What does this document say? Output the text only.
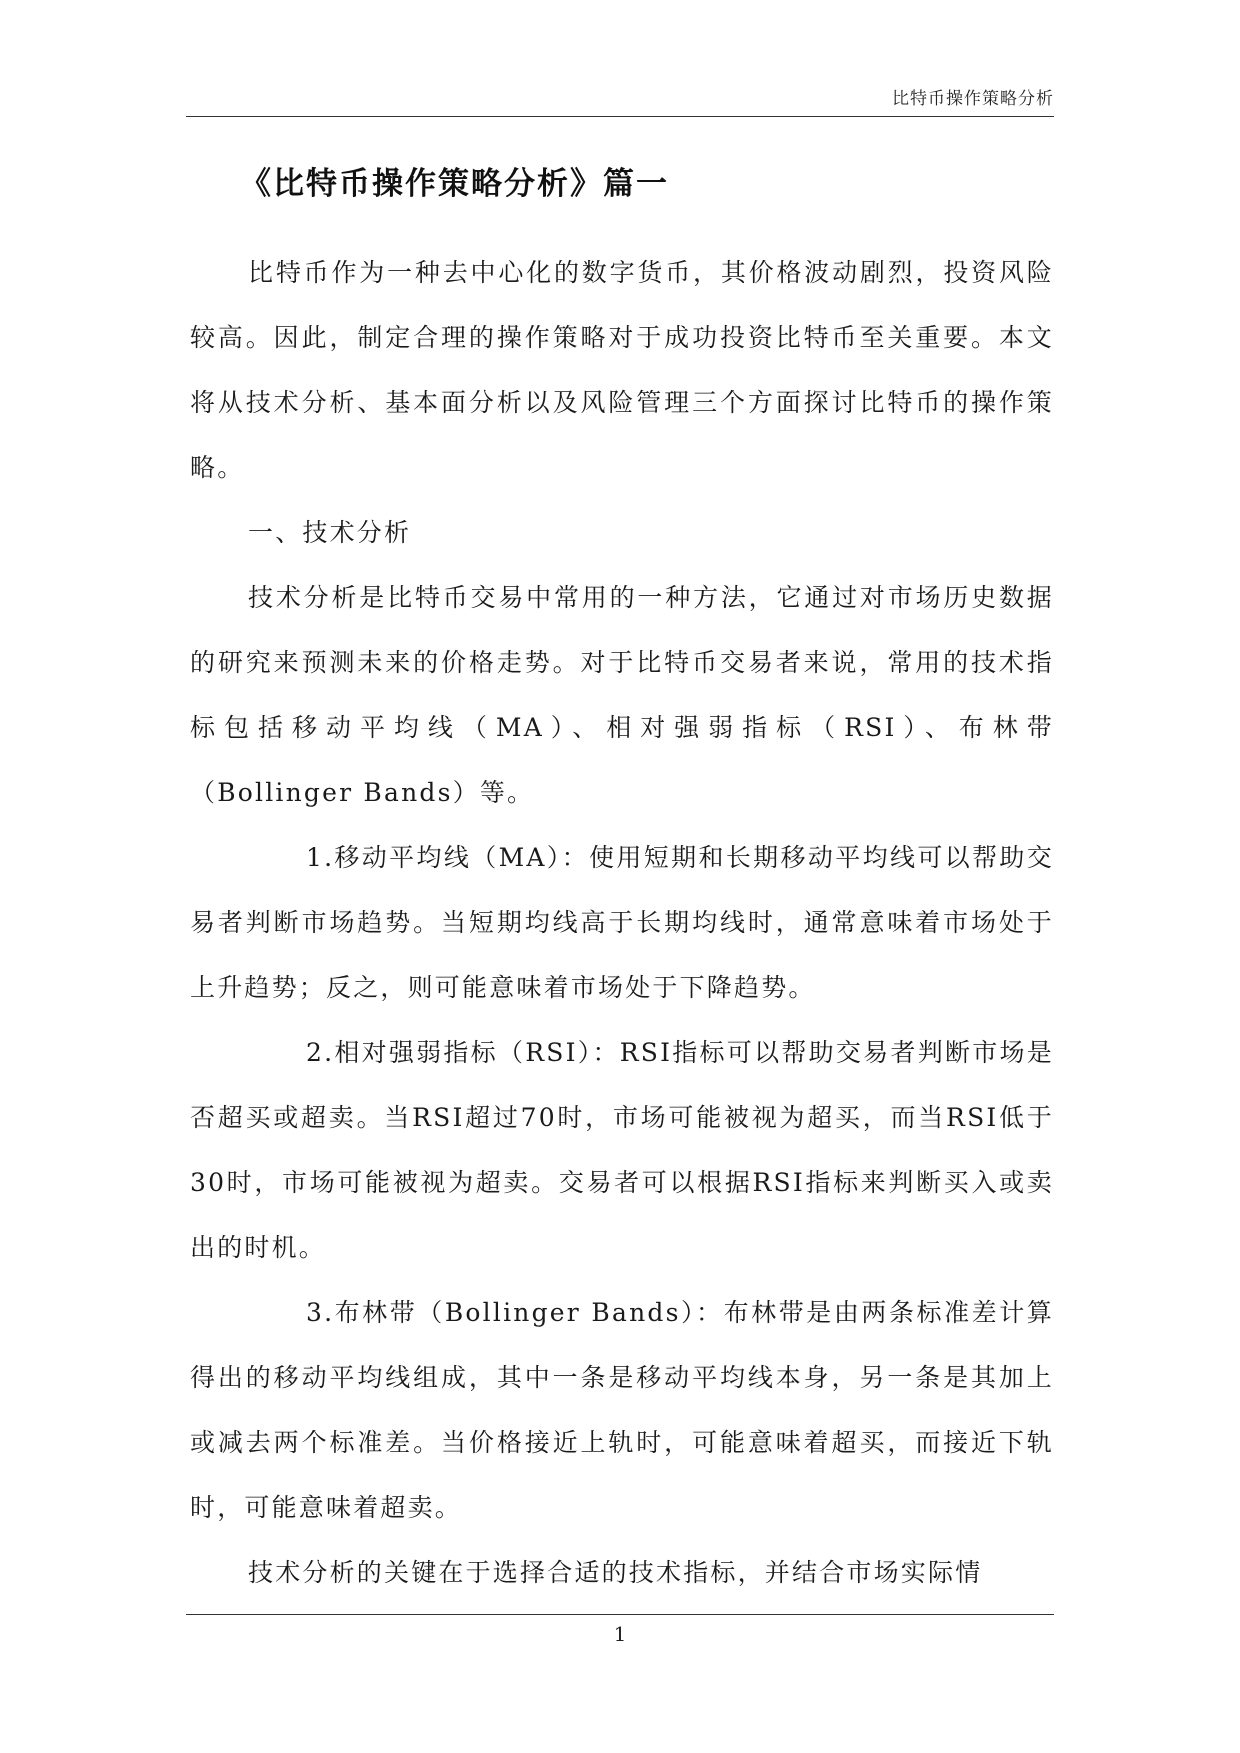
比特币操作策略分析
《比特币操作策略分析》篇一

比特币作为一种去中心化的数字货币，其价格波动剧烈，投资风险较高。因此，制定合理的操作策略对于成功投资比特币至关重要。本文将从技术分析、基本面分析以及风险管理三个方面探讨比特币的操作策略。

一、技术分析

技术分析是比特币交易中常用的一种方法，它通过对市场历史数据的研究来预测未来的价格走势。对于比特币交易者来说，常用的技术指标包括移动平均线（MA）、相对强弱指标（RSI）、布林带（Bollinger Bands）等。

1.移动平均线（MA）：使用短期和长期移动平均线可以帮助交易者判断市场趋势。当短期均线高于长期均线时，通常意味着市场处于上升趋势；反之，则可能意味着市场处于下降趋势。

2.相对强弱指标（RSI）：RSI指标可以帮助交易者判断市场是否超买或超卖。当RSI超过70时，市场可能被视为超买，而当RSI低于30时，市场可能被视为超卖。交易者可以根据RSI指标来判断买入或卖出的时机。

3.布林带（Bollinger Bands）：布林带是由两条标准差计算得出的移动平均线组成，其中一条是移动平均线本身，另一条是其加上或减去两个标准差。当价格接近上轨时，可能意味着超买，而接近下轨时，可能意味着超卖。

技术分析的关键在于选择合适的技术指标，并结合市场实际情

1
